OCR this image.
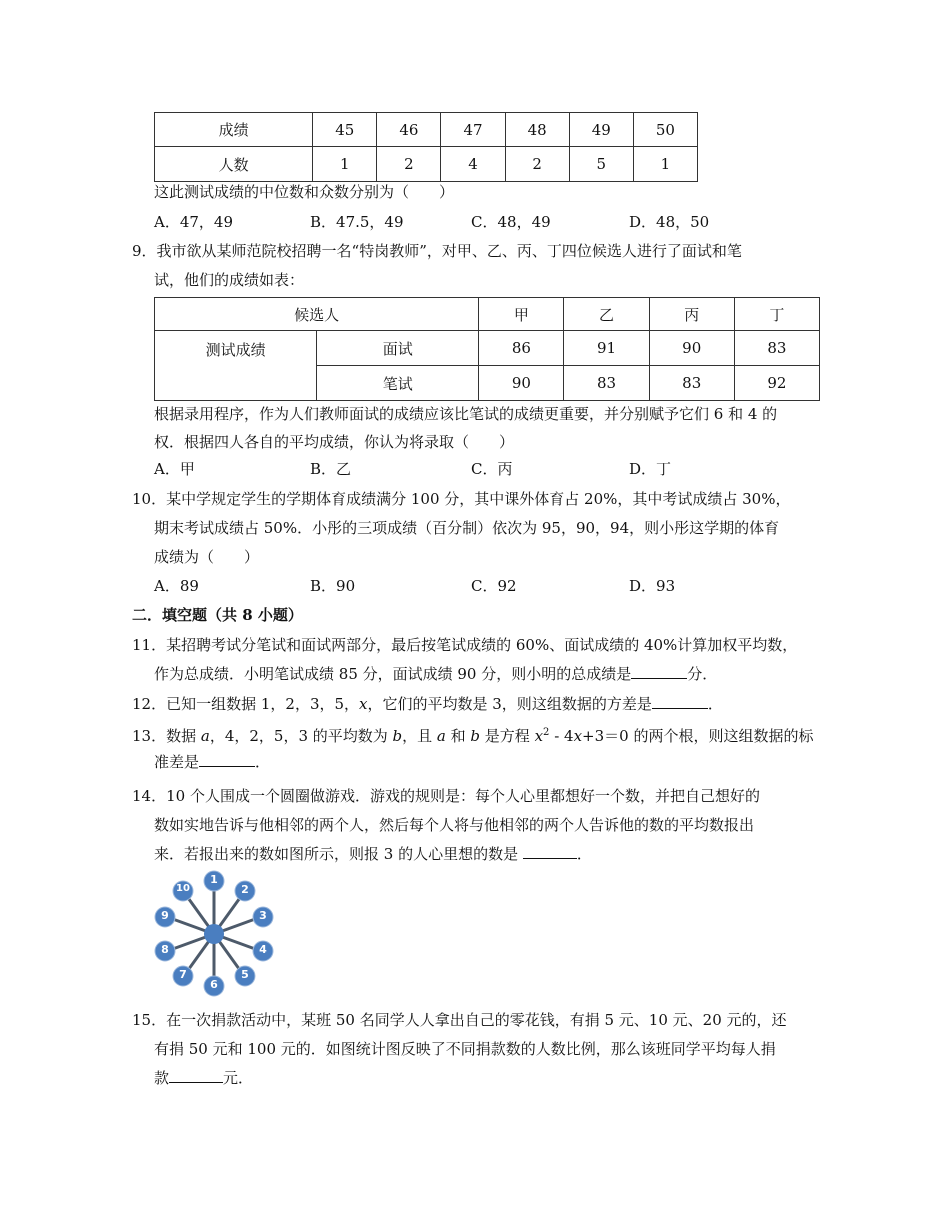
成绩	45	46	47	48	49	50
人数	1	2	4	2	5	1
这此测试成绩的中位数和众数分别为（　　）
A．47，49	B．47.5，49	C．48，49	D．48，50
9．我市欲从某师范院校招聘一名“特岗教师”，对甲、乙、丙、丁四位候选人进行了面试和笔
试，他们的成绩如表：
候选人		甲	乙	丙	丁
测试成绩	面试	86	91	90	83
	笔试	90	83	83	92
根据录用程序，作为人们教师面试的成绩应该比笔试的成绩更重要，并分别赋予它们 6 和 4 的
权．根据四人各自的平均成绩，你认为将录取（　　）
A．甲	B．乙	C．丙	D．丁
10．某中学规定学生的学期体育成绩满分 100 分，其中课外体育占 20%，其中考试成绩占 30%，
期末考试成绩占 50%．小彤的三项成绩（百分制）依次为 95，90，94，则小彤这学期的体育
成绩为（　　）
A．89	B．90	C．92	D．93
二．填空题（共 8 小题）
11．某招聘考试分笔试和面试两部分，最后按笔试成绩的 60%、面试成绩的 40%计算加权平均数，
作为总成绩．小明笔试成绩 85 分，面试成绩 90 分，则小明的总成绩是	分．
12．已知一组数据 1，2，3，5，x，它们的平均数是 3，则这组数据的方差是	．
13．数据 a，4，2，5，3 的平均数为 b，且 a 和 b 是方程 $x^2 - 4x+3=0$ 的两个根，则这组数据的标
准差是	．
14．10 个人围成一个圆圈做游戏．游戏的规则是：每个人心里都想好一个数，并把自己想好的
数如实地告诉与他相邻的两个人，然后每个人将与他相邻的两个人告诉他的数的平均数报出
来．若报出来的数如图所示，则报 3 的人心里想的数是	．
1
2
3
4
5
6
7
8
9
10
15．在一次捐款活动中，某班 50 名同学人人拿出自己的零花钱，有捐 5 元、10 元、20 元的，还
有捐 50 元和 100 元的．如图统计图反映了不同捐款数的人数比例，那么该班同学平均每人捐
款	元．
